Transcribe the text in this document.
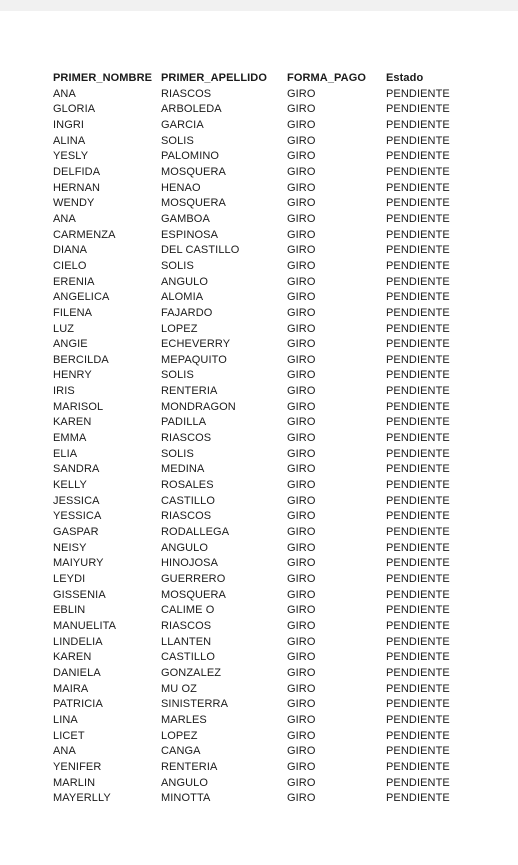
PRIMER_NOMBRE	PRIMER_APELLIDO	FORMA_PAGO	Estado
ANA	RIASCOS	GIRO	PENDIENTE
GLORIA	ARBOLEDA	GIRO	PENDIENTE
INGRI	GARCIA	GIRO	PENDIENTE
ALINA	SOLIS	GIRO	PENDIENTE
YESLY	PALOMINO	GIRO	PENDIENTE
DELFIDA	MOSQUERA	GIRO	PENDIENTE
HERNAN	HENAO	GIRO	PENDIENTE
WENDY	MOSQUERA	GIRO	PENDIENTE
ANA	GAMBOA	GIRO	PENDIENTE
CARMENZA	ESPINOSA	GIRO	PENDIENTE
DIANA	DEL CASTILLO	GIRO	PENDIENTE
CIELO	SOLIS	GIRO	PENDIENTE
ERENIA	ANGULO	GIRO	PENDIENTE
ANGELICA	ALOMIA	GIRO	PENDIENTE
FILENA	FAJARDO	GIRO	PENDIENTE
LUZ	LOPEZ	GIRO	PENDIENTE
ANGIE	ECHEVERRY	GIRO	PENDIENTE
BERCILDA	MEPAQUITO	GIRO	PENDIENTE
HENRY	SOLIS	GIRO	PENDIENTE
IRIS	RENTERIA	GIRO	PENDIENTE
MARISOL	MONDRAGON	GIRO	PENDIENTE
KAREN	PADILLA	GIRO	PENDIENTE
EMMA	RIASCOS	GIRO	PENDIENTE
ELIA	SOLIS	GIRO	PENDIENTE
SANDRA	MEDINA	GIRO	PENDIENTE
KELLY	ROSALES	GIRO	PENDIENTE
JESSICA	CASTILLO	GIRO	PENDIENTE
YESSICA	RIASCOS	GIRO	PENDIENTE
GASPAR	RODALLEGA	GIRO	PENDIENTE
NEISY	ANGULO	GIRO	PENDIENTE
MAIYURY	HINOJOSA	GIRO	PENDIENTE
LEYDI	GUERRERO	GIRO	PENDIENTE
GISSENIA	MOSQUERA	GIRO	PENDIENTE
EBLIN	CALIME O	GIRO	PENDIENTE
MANUELITA	RIASCOS	GIRO	PENDIENTE
LINDELIA	LLANTEN	GIRO	PENDIENTE
KAREN	CASTILLO	GIRO	PENDIENTE
DANIELA	GONZALEZ	GIRO	PENDIENTE
MAIRA	MU OZ	GIRO	PENDIENTE
PATRICIA	SINISTERRA	GIRO	PENDIENTE
LINA	MARLES	GIRO	PENDIENTE
LICET	LOPEZ	GIRO	PENDIENTE
ANA	CANGA	GIRO	PENDIENTE
YENIFER	RENTERIA	GIRO	PENDIENTE
MARLIN	ANGULO	GIRO	PENDIENTE
MAYERLLY	MINOTTA	GIRO	PENDIENTE
